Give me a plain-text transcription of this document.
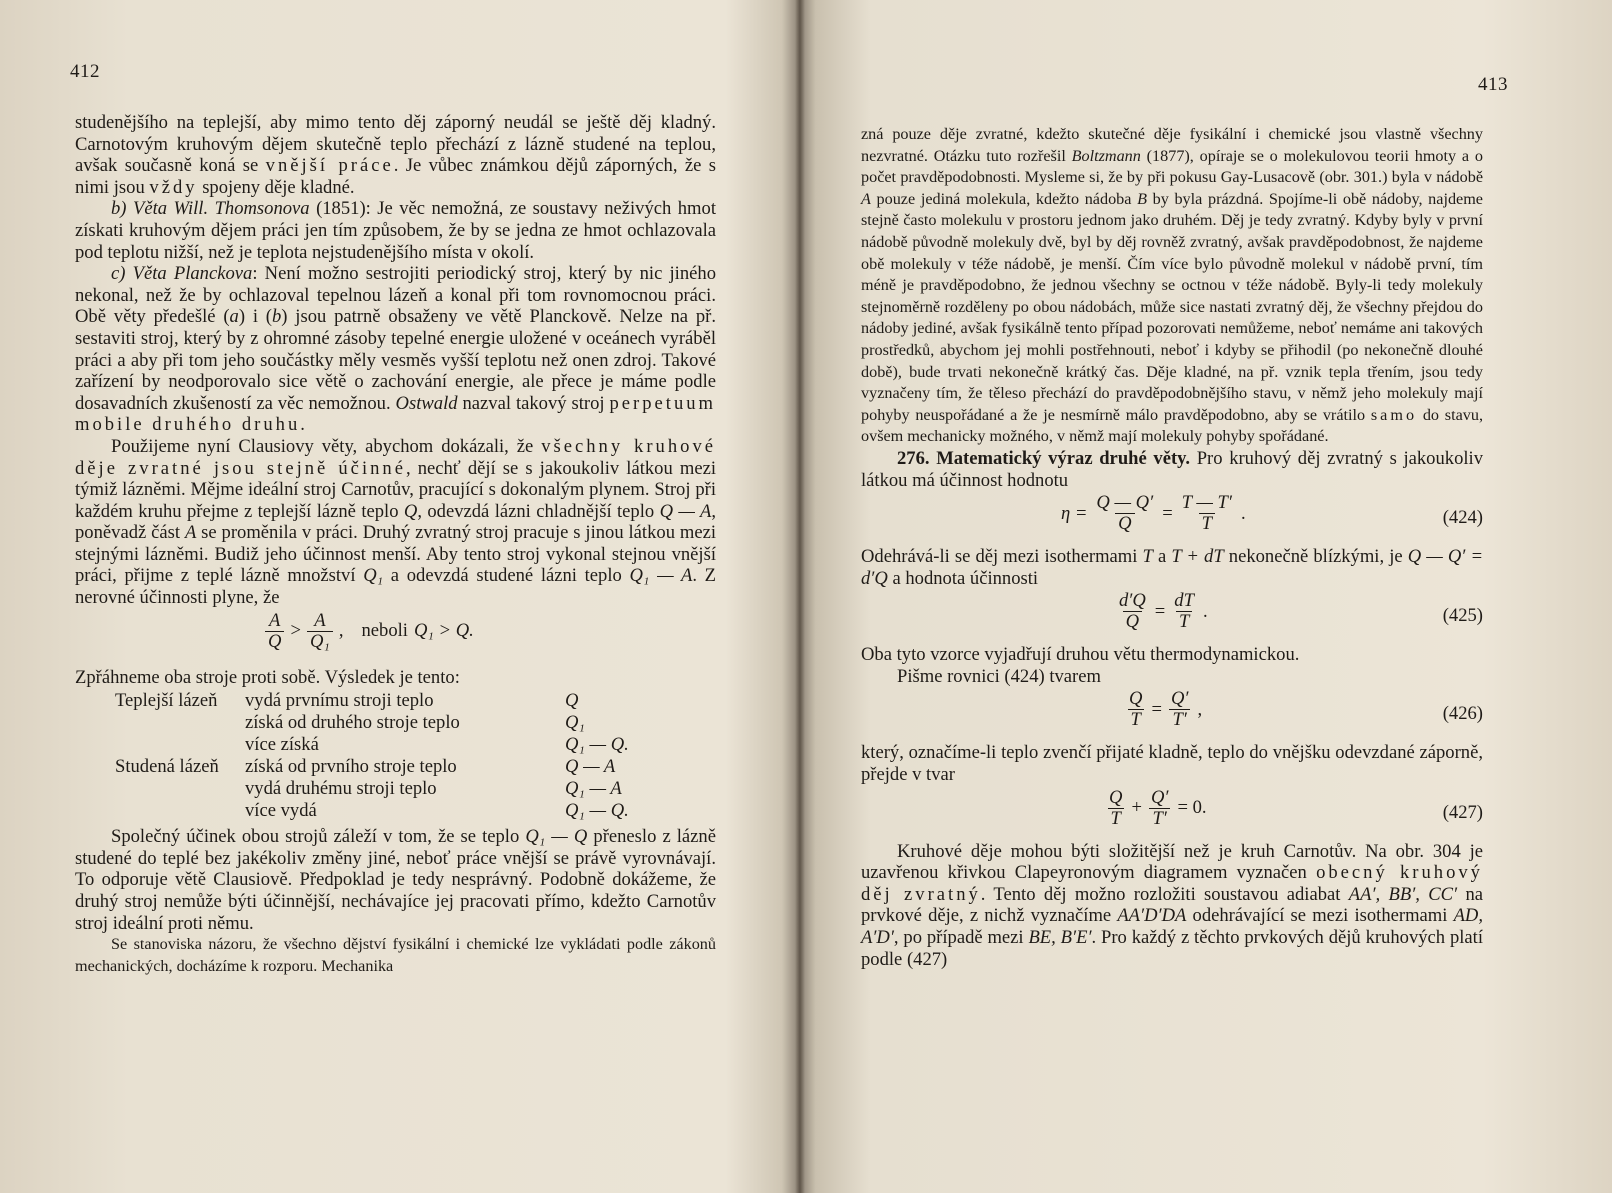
412

studenějšího na teplejší, aby mimo tento děj záporný neudál se ještě děj kladný. Carnotovým kruhovým dějem skutečně teplo přechází z lázně studené na teplou, avšak současně koná se vnější práce. Je vůbec známkou dějů záporných, že s nimi jsou vždy spojeny děje kladné.

b) Věta Will. Thomsonova (1851): Je věc nemožná, ze soustavy neživých hmot získati kruhovým dějem práci jen tím způsobem, že by se jedna ze hmot ochlazovala pod teplotu nižší, než je teplota nejstudenějšího místa v okolí.

c) Věta Planckova: Není možno sestrojiti periodický stroj, který by nic jiného nekonal, než že by ochlazoval tepelnou lázeň a konal při tom rovnomocnou práci. Obě věty předešlé (a) i (b) jsou patrně obsaženy ve větě Planckově. Nelze na př. sestaviti stroj, který by z ohromné zásoby tepelné energie uložené v oceánech vyráběl práci a aby při tom jeho součástky měly vesměs vyšší teplotu než onen zdroj. Takové zařízení by neodporovalo sice větě o zachování energie, ale přece je máme podle dosavadních zkušeností za věc nemožnou. Ostwald nazval takový stroj perpetuum mobile druhého druhu.

Použijeme nyní Clausiovy věty, abychom dokázali, že všechny kruhové děje zvratné jsou stejně účinné, nechť dějí se s jakoukoliv látkou mezi týmiž lázněmi. Mějme ideální stroj Carnotův, pracující s dokonalým plynem. Stroj při každém kruhu přejme z teplejší lázně teplo Q, odevzdá lázni chladnější teplo Q — A, poněvadž část A se proměnila v práci. Druhý zvratný stroj pracuje s jinou látkou mezi stejnými lázněmi. Budiž jeho účinnost menší. Aby tento stroj vykonal stejnou vnější práci, přijme z teplé lázně množství Q₁ a odevzdá studené lázni teplo Q₁ — A. Z nerovné účinnosti plyne, že

$\frac{A}{Q} > \frac{A}{\text{Q₁}}$ , neboli Q₁ > Q.

Zpřáhneme oba stroje proti sobě. Výsledek je tento:

Teplejší lázeň vydá prvnímu stroji teplo	Q
získá od druhého stroje teplo	Q₁
více získá	Q₁ — Q.
Studená lázeň získá od prvního stroje teplo	Q — A
vydá druhému stroji teplo	Q₁ — A
více vydá	Q₁ — Q.

Společný účinek obou strojů záleží v tom, že se teplo Q₁ — Q přeneslo z lázně studené do teplé bez jakékoliv změny jiné, neboť práce vnější se právě vyrovnávají. To odporuje větě Clausiově. Předpoklad je tedy nesprávný. Podobně dokážeme, že druhý stroj nemůže býti účinnější, nechávajíce jej pracovati přímo, kdežto Carnotův stroj ideální proti němu.

Se stanoviska názoru, že všechno dějství fysikální i chemické lze vykládati podle zákonů mechanických, docházíme k rozporu. Mechanika

413

zná pouze děje zvratné, kdežto skutečné děje fysikální i chemické jsou vlastně všechny nezvratné. Otázku tuto rozřešil Boltzmann (1877), opíraje se o molekulovou teorii hmoty a o počet pravděpodobnosti. Mysleme si, že by při pokusu Gay-Lusacově (obr. 301.) byla v nádobě A pouze jediná molekula, kdežto nádoba B by byla prázdná. Spojíme-li obě nádoby, najdeme stejně často molekulu v prostoru jednom jako druhém. Děj je tedy zvratný. Kdyby byly v první nádobě původně molekuly dvě, byl by děj rovněž zvratný, avšak pravděpodobnost, že najdeme obě molekuly v téže nádobě, je menší. Čím více bylo původně molekul v nádobě první, tím méně je pravděpodobno, že jednou všechny se octnou v téže nádobě. Byly-li tedy molekuly stejnoměrně rozděleny po obou nádobách, může sice nastati zvratný děj, že všechny přejdou do nádoby jediné, avšak fysikálně tento případ pozorovati nemůžeme, neboť nemáme ani takových prostředků, abychom jej mohli postřehnouti, neboť i kdyby se přihodil (po nekonečně dlouhé době), bude trvati nekonečně krátký čas. Děje kladné, na př. vznik tepla třením, jsou tedy vyznačeny tím, že těleso přechází do pravděpodobnějšího stavu, v němž jeho molekuly mají pohyby neuspořádané a že je nesmírně málo pravděpodobno, aby se vrátilo samo do stavu, ovšem mechanicky možného, v němž mají molekuly pohyby spořádané.

276. Matematický výraz druhé věty. Pro kruhový děj zvratný s jakoukoliv látkou má účinnost hodnotu

$\eta = \frac{Q — Q'}{Q} = \frac{T — T'}{T}$ .	(424)

Odehrává-li se děj mezi isothermami T a T + dT nekonečně blízkými, je Q — Q′ = d′Q a hodnota účinnosti

$\frac{d'Q}{Q} = \frac{dT}{T}$ .	(425)

Oba tyto vzorce vyjadřují druhou větu thermodynamickou.

Pišme rovnici (424) tvarem

$\frac{Q}{T} = \frac{Q'}{T'}$ ,	(426)

který, označíme-li teplo zvenčí přijaté kladně, teplo do vnějšku odevzdané záporně, přejde v tvar

$\frac{Q}{T} + \frac{Q'}{T'} = 0$.	(427)

Kruhové děje mohou býti složitější než je kruh Carnotův. Na obr. 304 je uzavřenou křivkou Clapeyronovým diagramem vyznačen obecný kruhový děj zvratný. Tento děj možno rozložiti soustavou adiabat AA′, BB′, CC′ na prvkové děje, z nichž vyznačíme AA′D′DA odehrávající se mezi isothermami AD, A′D′, po případě mezi BE, B′E′. Pro každý z těchto prvkových dějů kruhových platí podle (427)
